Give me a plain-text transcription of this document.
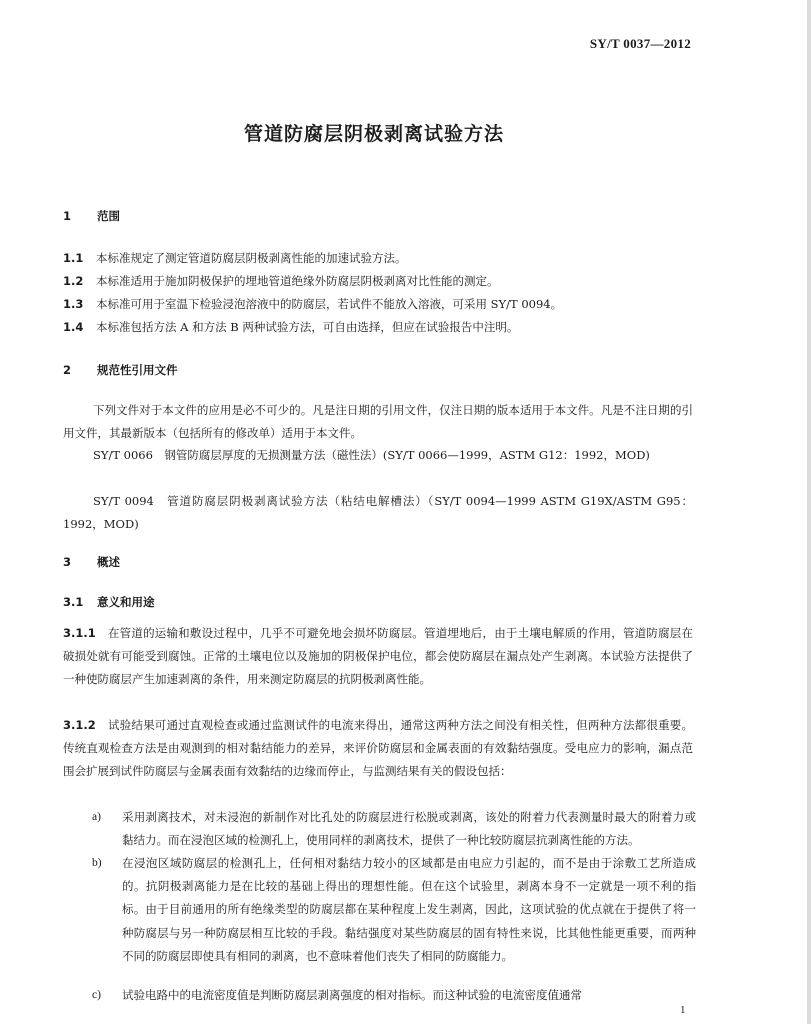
SY/T 0037—2012
管道防腐层阴极剥离试验方法
1 范围
1.1 本标准规定了测定管道防腐层阴极剥离性能的加速试验方法。
1.2 本标准适用于施加阴极保护的埋地管道绝缘外防腐层阴极剥离对比性能的测定。
1.3 本标准可用于室温下检验浸泡溶液中的防腐层，若试件不能放入溶液，可采用 SY/T 0094。
1.4 本标准包括方法 A 和方法 B 两种试验方法，可自由选择，但应在试验报告中注明。
2 规范性引用文件

下列文件对于本文件的应用是必不可少的。凡是注日期的引用文件，仅注日期的版本适用于本文件。凡是不注日期的引用文件，其最新版本（包括所有的修改单）适用于本文件。

SY/T 0066　钢管防腐层厚度的无损测量方法（磁性法）(SY/T 0066—1999，ASTM G12：1992，MOD)

SY/T 0094　管道防腐层阴极剥离试验方法（粘结电解槽法）（SY/T 0094—1999 ASTM G19X/ASTM G95：1992，MOD)

3 概述
3.1 意义和用途

3.1.1 在管道的运输和敷设过程中，几乎不可避免地会损坏防腐层。管道埋地后，由于土壤电解质的作用，管道防腐层在破损处就有可能受到腐蚀。正常的土壤电位以及施加的阴极保护电位，都会使防腐层在漏点处产生剥离。本试验方法提供了一种使防腐层产生加速剥离的条件，用来测定防腐层的抗阴极剥离性能。

3.1.2 试验结果可通过直观检查或通过监测试件的电流来得出，通常这两种方法之间没有相关性，但两种方法都很重要。传统直观检查方法是由观测到的相对黏结能力的差异，来评价防腐层和金属表面的有效黏结强度。受电应力的影响，漏点范围会扩展到试件防腐层与金属表面有效黏结的边缘而停止，与监测结果有关的假设包括：

a) 采用剥离技术，对未浸泡的新制作对比孔处的防腐层进行松脱或剥离，该处的附着力代表测量时最大的附着力或黏结力。而在浸泡区域的检测孔上，使用同样的剥离技术，提供了一种比较防腐层抗剥离性能的方法。
b) 在浸泡区域防腐层的检测孔上，任何相对黏结力较小的区域都是由电应力引起的，而不是由于涂敷工艺所造成的。抗阴极剥离能力是在比较的基础上得出的理想性能。但在这个试验里，剥离本身不一定就是一项不利的指标。由于目前通用的所有绝缘类型的防腐层都在某种程度上发生剥离，因此，这项试验的优点就在于提供了将一种防腐层与另一种防腐层相互比较的手段。黏结强度对某些防腐层的固有特性来说，比其他性能更重要，而两种不同的防腐层即使具有相同的剥离，也不意味着他们丧失了相同的防腐能力。
c) 试验电路中的电流密度值是判断防腐层剥离强度的相对指标。而这种试验的电流密度值通常
1
